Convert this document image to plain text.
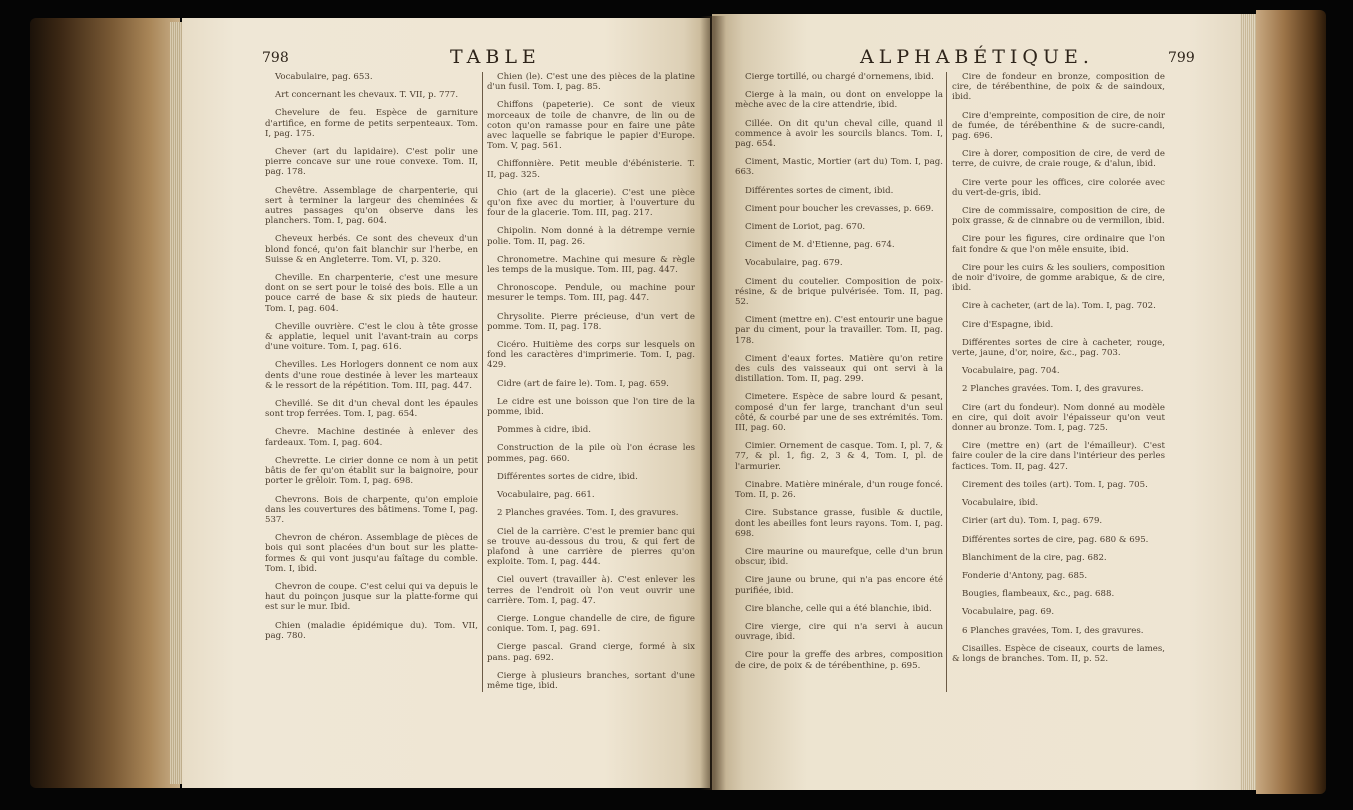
798	TABLE

Vocabulaire, pag. 653.

Art concernant les chevaux. T. VII, p. 777.

Chevelure de feu. Espèce de garniture d'artifice, en forme de petits serpenteaux. Tom. I, pag. 175.

Chever (art du lapidaire). C'est polir une pierre concave sur une roue convexe. Tom. II, pag. 178.

Chevêtre. Assemblage de charpenterie, qui sert à terminer la largeur des cheminées & autres passages qu'on observe dans les planchers. Tom. I, pag. 604.

Cheveux herbés. Ce sont des cheveux d'un blond foncé, qu'on fait blanchir sur l'herbe, en Suisse & en Angleterre. Tom. VI, p. 320.

Cheville. En charpenterie, c'est une mesure dont on se sert pour le toisé des bois. Elle a un pouce carré de base & six pieds de hauteur. Tom. I, pag. 604.

Cheville ouvrière. C'est le clou à tête grosse & applatie, lequel unit l'avant-train au corps d'une voiture. Tom. I, pag. 616.

Chevilles. Les Horlogers donnent ce nom aux dents d'une roue destinée à lever les marteaux & le ressort de la répétition. Tom. III, pag. 447.

Chevillé. Se dit d'un cheval dont les épaules sont trop ferrées. Tom. I, pag. 654.

Chevre. Machine destinée à enlever des fardeaux. Tom. I, pag. 604.

Chevrette. Le cirier donne ce nom à un petit bâtis de fer qu'on établit sur la baignoire, pour porter le grêloir. Tom. I, pag. 698.

Chevrons. Bois de charpente, qu'on emploie dans les couvertures des bâtimens. Tome I, pag. 537.

Chevron de chéron. Assemblage de pièces de bois qui sont placées d'un bout sur les platte-formes & qui vont jusqu'au faîtage du comble. Tom. I, ibid.

Chevron de coupe. C'est celui qui va depuis le haut du poinçon jusque sur la platte-forme qui est sur le mur. Ibid.

Chien (maladie épidémique du). Tom. VII, pag. 780.

Chien (le). C'est une des pièces de la platine d'un fusil. Tom. I, pag. 85.

Chiffons (papeterie). Ce sont de vieux morceaux de toile de chanvre, de lin ou de coton qu'on ramasse pour en faire une pâte avec laquelle se fabrique le papier d'Europe. Tom. V, pag. 561.

Chiffonnière. Petit meuble d'ébénisterie. T. II, pag. 325.

Chio (art de la glacerie). C'est une pièce qu'on fixe avec du mortier, à l'ouverture du four de la glacerie. Tom. III, pag. 217.

Chipolin. Nom donné à la détrempe vernie polie. Tom. II, pag. 26.

Chronometre. Machine qui mesure & règle les temps de la musique. Tom. III, pag. 447.

Chronoscope. Pendule, ou machine pour mesurer le temps. Tom. III, pag. 447.

Chrysolite. Pierre précieuse, d'un vert de pomme. Tom. II, pag. 178.

Cicéro. Huitième des corps sur lesquels on fond les caractères d'imprimerie. Tom. I, pag. 429.

Cidre (art de faire le). Tom. I, pag. 659.

Le cidre est une boisson que l'on tire de la pomme, ibid.

Pommes à cidre, ibid.

Construction de la pile où l'on écrase les pommes, pag. 660.

Différentes sortes de cidre, ibid.

Vocabulaire, pag. 661.

2 Planches gravées. Tom. I, des gravures.

Ciel de la carrière. C'est le premier banc qui se trouve au-dessous du trou, & qui fert de plafond à une carrière de pierres qu'on exploite. Tom. I, pag. 444.

Ciel ouvert (travailler à). C'est enlever les terres de l'endroit où l'on veut ouvrir une carrière. Tom. I, pag. 47.

Cierge. Longue chandelle de cire, de figure conique. Tom. I, pag. 691.

Cierge pascal. Grand cierge, formé à six pans. pag. 692.

Cierge à plusieurs branches, sortant d'une même tige, ibid.

ALPHABÉTIQUE.	799

Cierge tortillé, ou chargé d'ornemens, ibid.

Cierge à la main, ou dont on enveloppe la mèche avec de la cire attendrie, ibid.

Cillée. On dit qu'un cheval cille, quand il commence à avoir les sourcils blancs. Tom. I, pag. 654.

Ciment, Mastic, Mortier (art du) Tom. I, pag. 663.

Différentes sortes de ciment, ibid.

Ciment pour boucher les crevasses, p. 669.

Ciment de Loriot, pag. 670.

Ciment de M. d'Etienne, pag. 674.

Vocabulaire, pag. 679.

Ciment du coutelier. Composition de poix-résine, & de brique pulvérisée. Tom. II, pag. 52.

Ciment (mettre en). C'est entourir une bague par du ciment, pour la travailler. Tom. II, pag. 178.

Ciment d'eaux fortes. Matière qu'on retire des culs des vaisseaux qui ont servi à la distillation. Tom. II, pag. 299.

Cimetere. Espèce de sabre lourd & pesant, composé d'un fer large, tranchant d'un seul côté, & courbé par une de ses extrémités. Tom. III, pag. 60.

Cimier. Ornement de casque. Tom. I, pl. 7, & 77, & pl. 1, fig. 2, 3 & 4, Tom. I, pl. de l'armurier.

Cinabre. Matière minérale, d'un rouge foncé. Tom. II, p. 26.

Cire. Substance grasse, fusible & ductile, dont les abeilles font leurs rayons. Tom. I, pag. 698.

Cire maurine ou maurefque, celle d'un brun obscur, ibid.

Cire jaune ou brune, qui n'a pas encore été purifiée, ibid.

Cire blanche, celle qui a été blanchie, ibid.

Cire vierge, cire qui n'a servi à aucun ouvrage, ibid.

Cire pour la greffe des arbres, composition de cire, de poix & de térébenthine, p. 695.

Cire de fondeur en bronze, composition de cire, de térébenthine, de poix & de saindoux, ibid.

Cire d'empreinte, composition de cire, de noir de fumée, de térébenthine & de sucre-candi, pag. 696.

Cire à dorer, composition de cire, de verd de terre, de cuivre, de craie rouge, & d'alun, ibid.

Cire verte pour les offices, cire colorée avec du vert-de-gris, ibid.

Cire de commissaire, composition de cire, de poix grasse, & de cinnabre ou de vermillon, ibid.

Cire pour les figures, cire ordinaire que l'on fait fondre & que l'on mêle ensuite, ibid.

Cire pour les cuirs & les souliers, composition de noir d'ivoire, de gomme arabique, & de cire, ibid.

Cire à cacheter, (art de la). Tom. I, pag. 702.

Cire d'Espagne, ibid.

Différentes sortes de cire à cacheter, rouge, verte, jaune, d'or, noire, &c., pag. 703.

Vocabulaire, pag. 704.

2 Planches gravées. Tom. I, des gravures.

Cire (art du fondeur). Nom donné au modèle en cire, qui doit avoir l'épaisseur qu'on veut donner au bronze. Tom. I, pag. 725.

Cire (mettre en) (art de l'émailleur). C'est faire couler de la cire dans l'intérieur des perles factices. Tom. II, pag. 427.

Cirement des toiles (art). Tom. I, pag. 705.

Vocabulaire, ibid.

Cirier (art du). Tom. I, pag. 679.

Différentes sortes de cire, pag. 680 & 695.

Blanchiment de la cire, pag. 682.

Fonderie d'Antony, pag. 685.

Bougies, flambeaux, &c., pag. 688.

Vocabulaire, pag. 69.

6 Planches gravées, Tom. I, des gravures.

Cisailles. Espèce de ciseaux, courts de lames, & longs de branches. Tom. II, p. 52.
